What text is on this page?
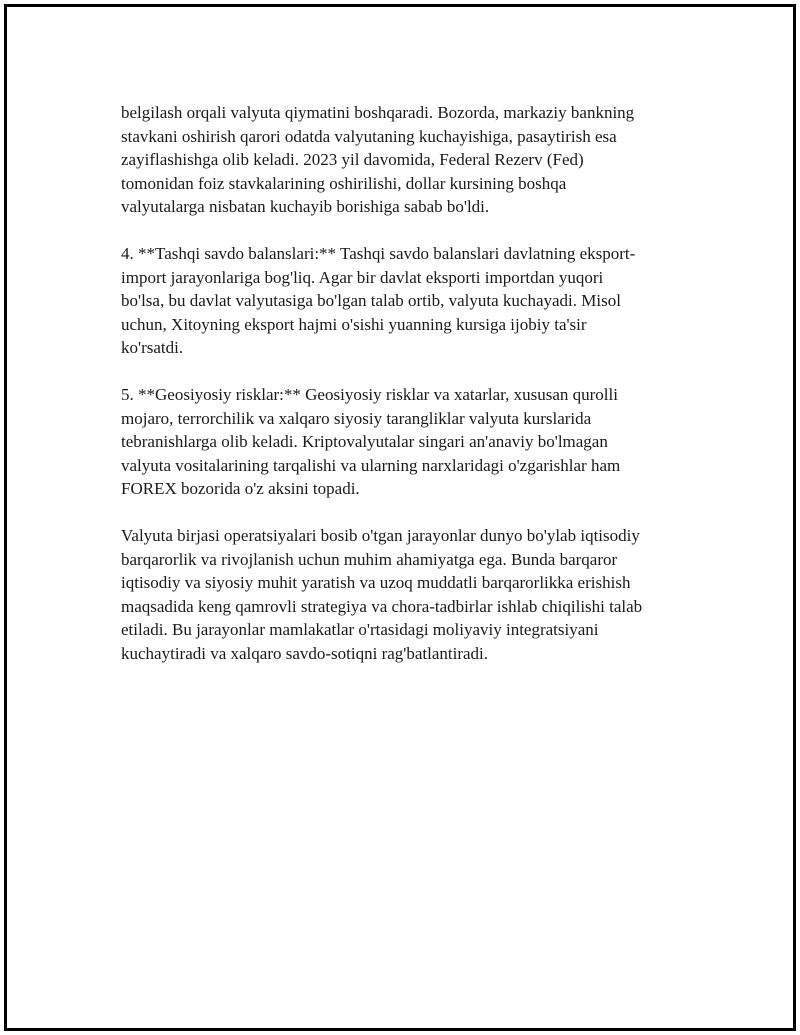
belgilash orqali valyuta qiymatini boshqaradi. Bozorda, markaziy bankning
stavkani oshirish qarori odatda valyutaning kuchayishiga, pasaytirish esa
zayiflashishga olib keladi. 2023 yil davomida, Federal Rezerv (Fed)
tomonidan foiz stavkalarining oshirilishi, dollar kursining boshqa
valyutalarga nisbatan kuchayib borishiga sabab bo'ldi.

4. **Tashqi savdo balanslari:** Tashqi savdo balanslari davlatning eksport-
import jarayonlariga bog'liq. Agar bir davlat eksporti importdan yuqori
bo'lsa, bu davlat valyutasiga bo'lgan talab ortib, valyuta kuchayadi. Misol
uchun, Xitoyning eksport hajmi o'sishi yuanning kursiga ijobiy ta'sir
ko'rsatdi.

5. **Geosiyosiy risklar:** Geosiyosiy risklar va xatarlar, xususan qurolli
mojaro, terrorchilik va xalqaro siyosiy tarangliklar valyuta kurslarida
tebranishlarga olib keladi. Kriptovalyutalar singari an'anaviy bo'lmagan
valyuta vositalarining tarqalishi va ularning narxlaridagi o'zgarishlar ham
FOREX bozorida o'z aksini topadi.

Valyuta birjasi operatsiyalari bosib o'tgan jarayonlar dunyo bo'ylab iqtisodiy
barqarorlik va rivojlanish uchun muhim ahamiyatga ega. Bunda barqaror
iqtisodiy va siyosiy muhit yaratish va uzoq muddatli barqarorlikka erishish
maqsadida keng qamrovli strategiya va chora-tadbirlar ishlab chiqilishi talab
etiladi. Bu jarayonlar mamlakatlar o'rtasidagi moliyaviy integratsiyani
kuchaytiradi va xalqaro savdo-sotiqni rag'batlantiradi.
